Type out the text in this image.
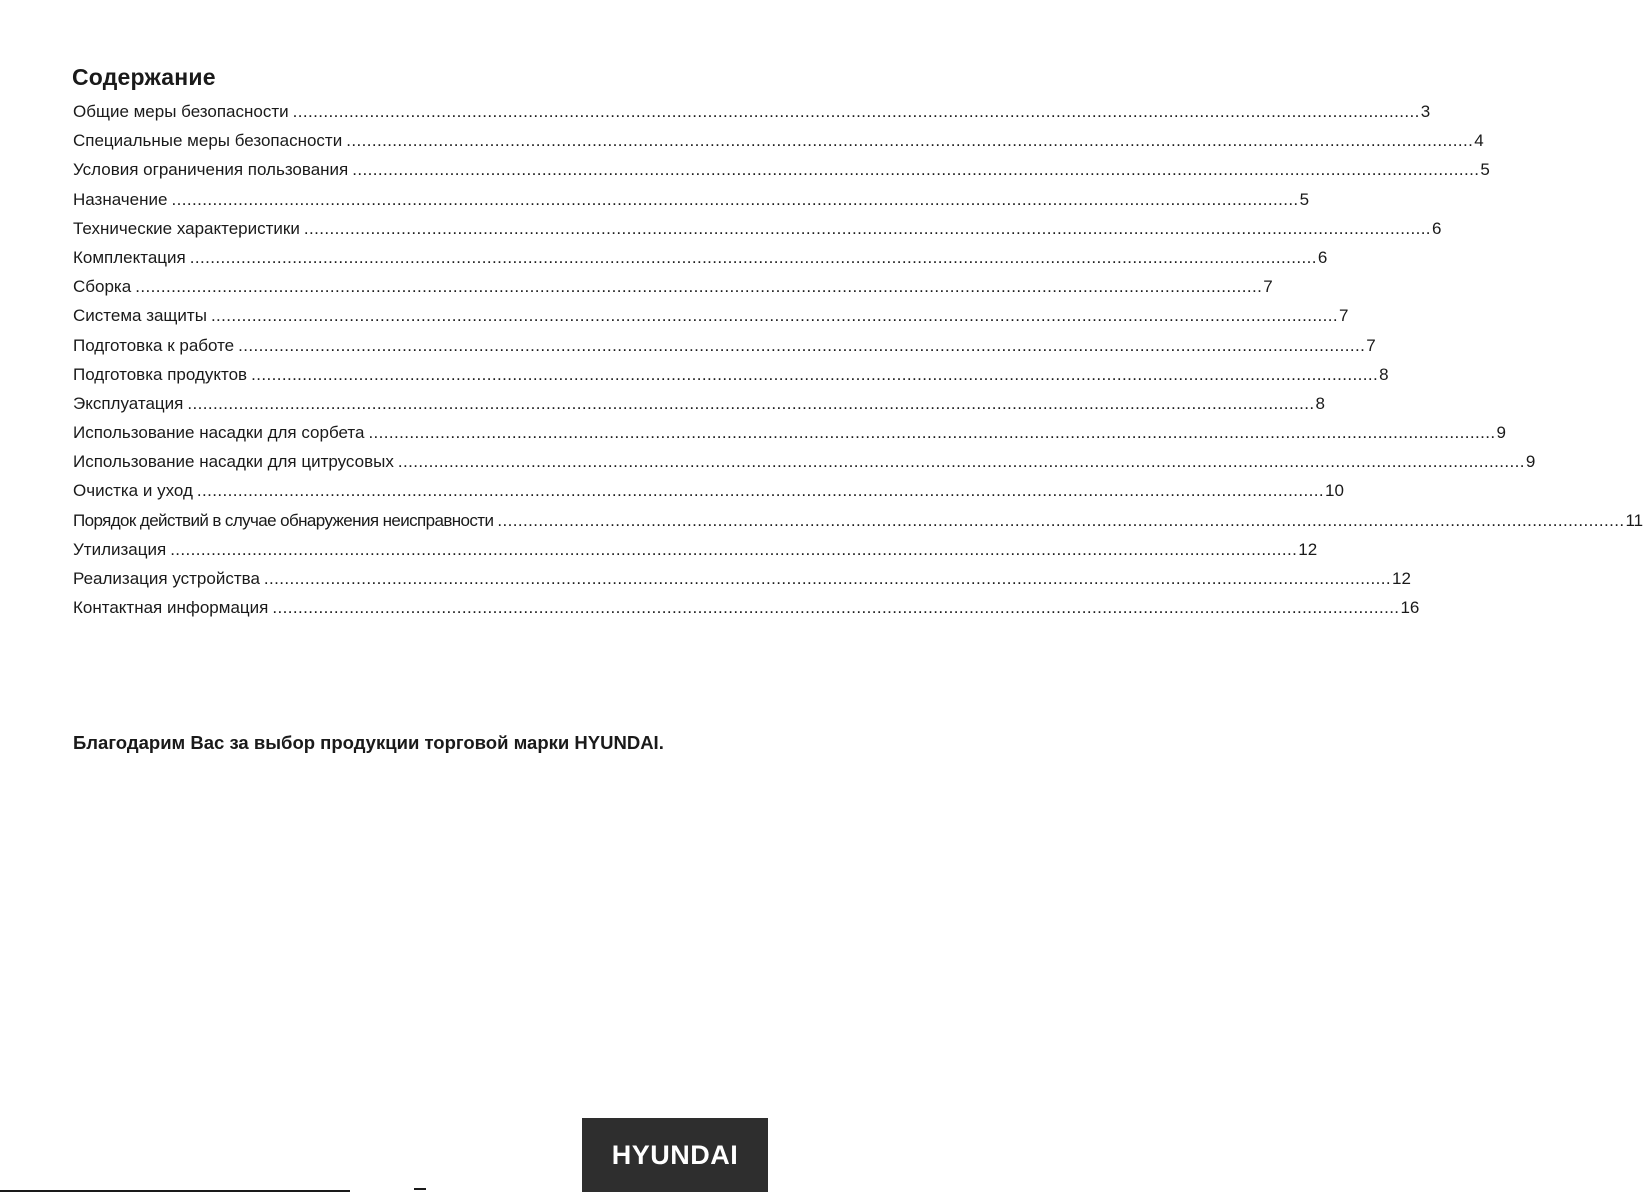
Содержание
Общие меры безопасности ............................................................................................................................................................................................................................ 3
Специальные меры безопасности ............................................................................................................................................................................................................................ 4
Условия ограничения пользования ............................................................................................................................................................................................................................ 5
Назначение ............................................................................................................................................................................................................................ 5
Технические характеристики ............................................................................................................................................................................................................................ 6
Комплектация ............................................................................................................................................................................................................................ 6
Сборка ............................................................................................................................................................................................................................ 7
Система защиты ............................................................................................................................................................................................................................ 7
Подготовка к работе ............................................................................................................................................................................................................................ 7
Подготовка продуктов ............................................................................................................................................................................................................................ 8
Эксплуатация ............................................................................................................................................................................................................................ 8
Использование насадки для сорбета ............................................................................................................................................................................................................................ 9
Использование насадки для цитрусовых ............................................................................................................................................................................................................................ 9
Очистка и уход ............................................................................................................................................................................................................................ 10
Порядок действий в случае обнаружения неисправности ............................................................................................................................................................................................................................ 11
Утилизация ............................................................................................................................................................................................................................ 12
Реализация устройства ............................................................................................................................................................................................................................ 12
Контактная информация ............................................................................................................................................................................................................................ 16
Благодарим Вас за выбор продукции торговой марки HYUNDAI.
HYUNDAI
